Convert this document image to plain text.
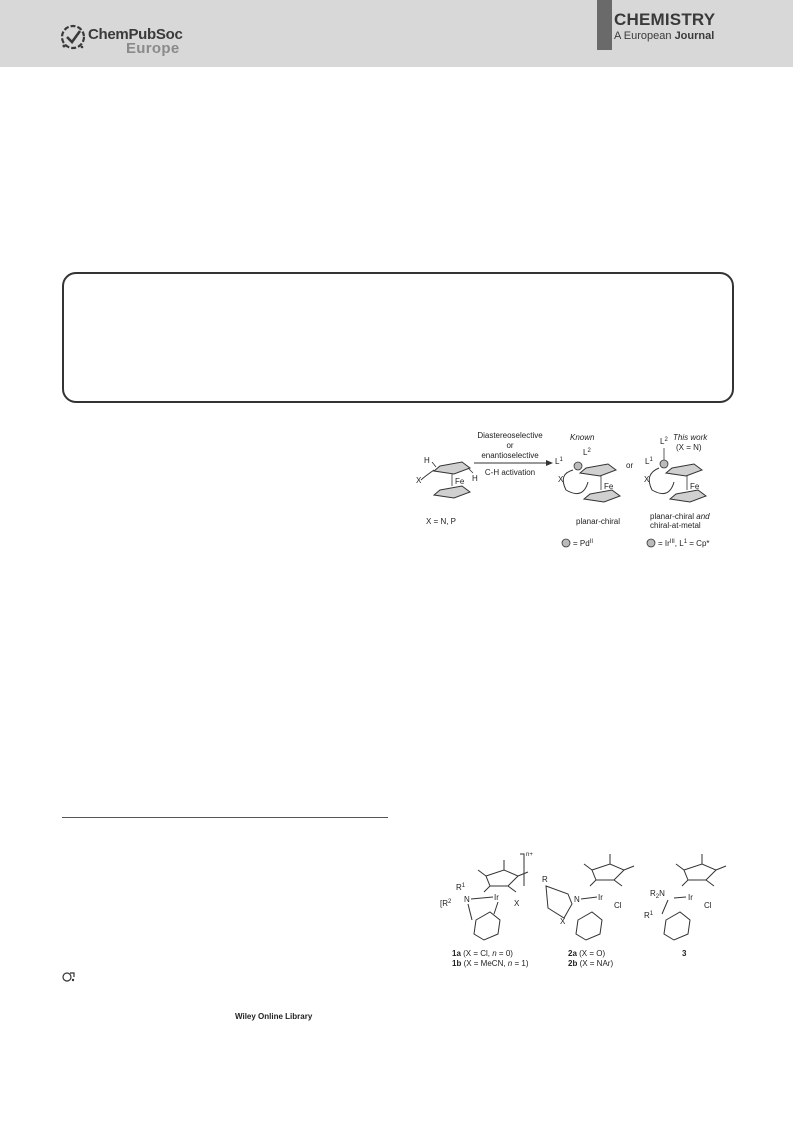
ChemPubSoc
Europe
CHEMISTRY
A European Journal
H
H
Fe
X
X = N, P
Diastereoselective
or
enantioselective
C-H activation
Known
$L^1$
$L^2$
X
Fe
planar-chiral
or
This work
(X = N)
$L^2$
$L^1$
X
Fe
planar-chiral and
chiral-at-metal
= $Pd^{II}$	= $Ir^{III}$, $L^1 = Cp*$
n+
$R^1$
[$R^2$ N	Ir
X
1a (X = Cl, n = 0)
1b (X = MeCN, n = 1)
R
N Ir
Cl
X
2a (X = O)
2b (X = NAr)
$R_2N$	Ir
Cl
$R^1$
3
Wiley Online Library
